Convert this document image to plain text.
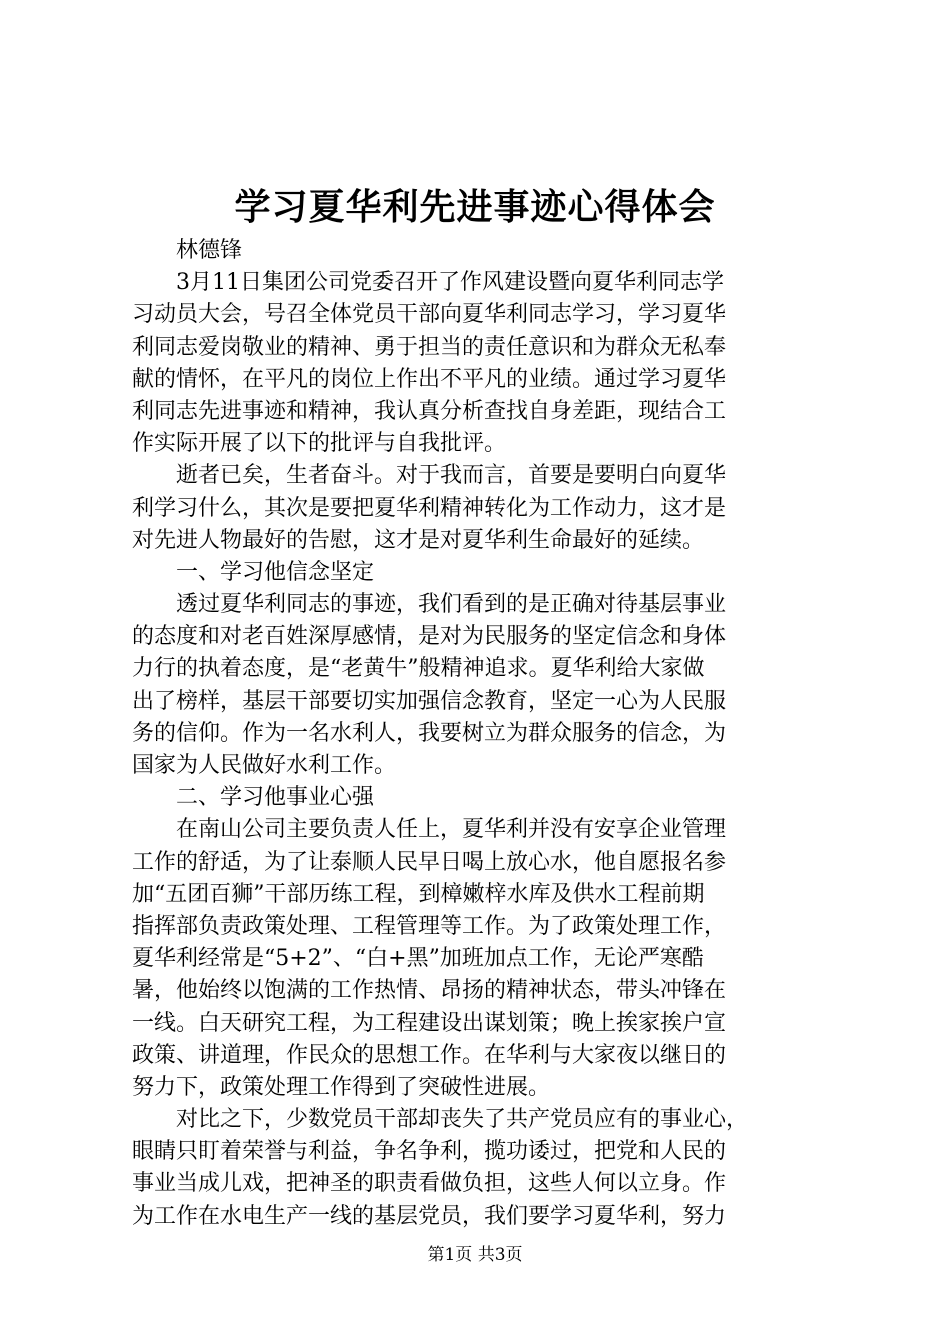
学习夏华利先进事迹心得体会
林德锋
3月11日集团公司党委召开了作风建设暨向夏华利同志学
习动员大会，号召全体党员干部向夏华利同志学习，学习夏华
利同志爱岗敬业的精神、勇于担当的责任意识和为群众无私奉
献的情怀，在平凡的岗位上作出不平凡的业绩。通过学习夏华
利同志先进事迹和精神，我认真分析查找自身差距，现结合工
作实际开展了以下的批评与自我批评。
逝者已矣，生者奋斗。对于我而言，首要是要明白向夏华
利学习什么，其次是要把夏华利精神转化为工作动力，这才是
对先进人物最好的告慰，这才是对夏华利生命最好的延续。
一、学习他信念坚定
透过夏华利同志的事迹，我们看到的是正确对待基层事业
的态度和对老百姓深厚感情，是对为民服务的坚定信念和身体
力行的执着态度，是“老黄牛”般精神追求。夏华利给大家做
出了榜样，基层干部要切实加强信念教育，坚定一心为人民服
务的信仰。作为一名水利人，我要树立为群众服务的信念，为
国家为人民做好水利工作。
二、学习他事业心强
在南山公司主要负责人任上，夏华利并没有安享企业管理
工作的舒适，为了让泰顺人民早日喝上放心水，他自愿报名参
加“五团百狮”干部历练工程，到樟嫩梓水库及供水工程前期
指挥部负责政策处理、工程管理等工作。为了政策处理工作，
夏华利经常是“5+2”、“白+黑”加班加点工作，无论严寒酷
暑，他始终以饱满的工作热情、昂扬的精神状态，带头冲锋在
一线。白天研究工程，为工程建设出谋划策；晚上挨家挨户宣
政策、讲道理，作民众的思想工作。在华利与大家夜以继日的
努力下，政策处理工作得到了突破性进展。
对比之下，少数党员干部却丧失了共产党员应有的事业心，
眼睛只盯着荣誉与利益，争名争利，揽功诿过，把党和人民的
事业当成儿戏，把神圣的职责看做负担，这些人何以立身。作
为工作在水电生产一线的基层党员，我们要学习夏华利，努力
第1页 共3页
